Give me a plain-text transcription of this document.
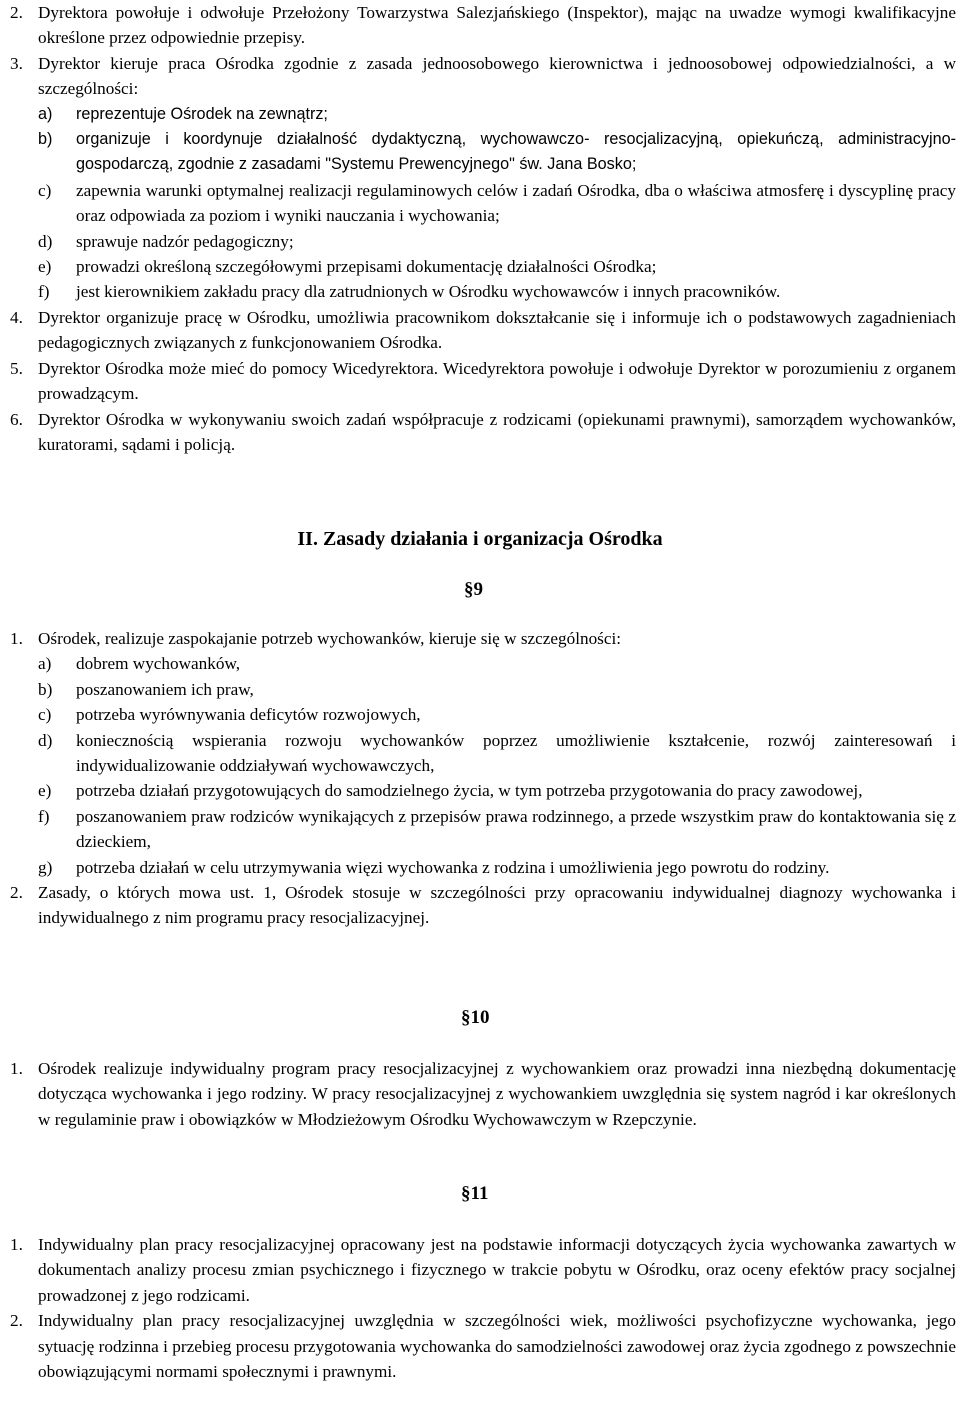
2. Dyrektora powołuje i odwołuje Przełożony Towarzystwa Salezjańskiego (Inspektor), mając na uwadze wymogi kwalifikacyjne określone przez odpowiednie przepisy.
3. Dyrektor kieruje praca Ośrodka zgodnie z zasada jednoosobowego kierownictwa i jednoosobowej odpowiedzialności, a w szczególności:
a) reprezentuje Ośrodek na zewnątrz;
b) organizuje i koordynuje działalność dydaktyczną, wychowawczo- resocjalizacyjną, opiekuńczą, administracyjno- gospodarczą, zgodnie z zasadami "Systemu Prewencyjnego" św. Jana Bosko;
c) zapewnia warunki optymalnej realizacji regulaminowych celów i zadań Ośrodka, dba o właściwa atmosferę i dyscyplinę pracy oraz odpowiada za poziom i wyniki nauczania i wychowania;
d) sprawuje nadzór pedagogiczny;
e) prowadzi określoną szczegółowymi przepisami dokumentację działalności Ośrodka;
f) jest kierownikiem zakładu pracy dla zatrudnionych w Ośrodku wychowawców i innych pracowników.
4. Dyrektor organizuje pracę w Ośrodku, umożliwia pracownikom dokształcanie się i informuje ich o podstawowych zagadnieniach pedagogicznych związanych z funkcjonowaniem Ośrodka.
5. Dyrektor Ośrodka może mieć do pomocy Wicedyrektora. Wicedyrektora powołuje i odwołuje Dyrektor w porozumieniu z organem prowadzącym.
6. Dyrektor Ośrodka w wykonywaniu swoich zadań współpracuje z rodzicami (opiekunami prawnymi), samorządem wychowanków, kuratorami, sądami i policją.
II. Zasady działania i organizacja Ośrodka
§9
1. Ośrodek, realizuje zaspokajanie potrzeb wychowanków, kieruje się w szczególności:
a) dobrem wychowanków,
b) poszanowaniem ich praw,
c) potrzeba wyrównywania deficytów rozwojowych,
d) koniecznością wspierania rozwoju wychowanków poprzez umożliwienie kształcenie, rozwój zainteresowań i indywidualizowanie oddziaływań wychowawczych,
e) potrzeba działań przygotowujących do samodzielnego życia, w tym potrzeba przygotowania do pracy zawodowej,
f) poszanowaniem praw rodziców wynikających z przepisów prawa rodzinnego, a przede wszystkim praw do kontaktowania się z dzieckiem,
g) potrzeba działań w celu utrzymywania więzi wychowanka z rodzina i umożliwienia jego powrotu do rodziny.
2. Zasady, o których mowa ust. 1, Ośrodek stosuje w szczególności przy opracowaniu indywidualnej diagnozy wychowanka i indywidualnego z nim programu pracy resocjalizacyjnej.
§10
1. Ośrodek realizuje indywidualny program pracy resocjalizacyjnej z wychowankiem oraz prowadzi inna niezbędną dokumentację dotycząca wychowanka i jego rodziny. W pracy resocjalizacyjnej z wychowankiem uwzględnia się system nagród i kar określonych w regulaminie praw i obowiązków w Młodzieżowym Ośrodku Wychowawczym w Rzepczynie.
§11
1. Indywidualny plan pracy resocjalizacyjnej opracowany jest na podstawie informacji dotyczących życia wychowanka zawartych w dokumentach analizy procesu zmian psychicznego i fizycznego w trakcie pobytu w Ośrodku, oraz oceny efektów pracy socjalnej prowadzonej z jego rodzicami.
2. Indywidualny plan pracy resocjalizacyjnej uwzględnia w szczególności wiek, możliwości psychofizyczne wychowanka, jego sytuację rodzinna i przebieg procesu przygotowania wychowanka do samodzielności zawodowej oraz życia zgodnego z powszechnie obowiązującymi normami społecznymi i prawnymi.
